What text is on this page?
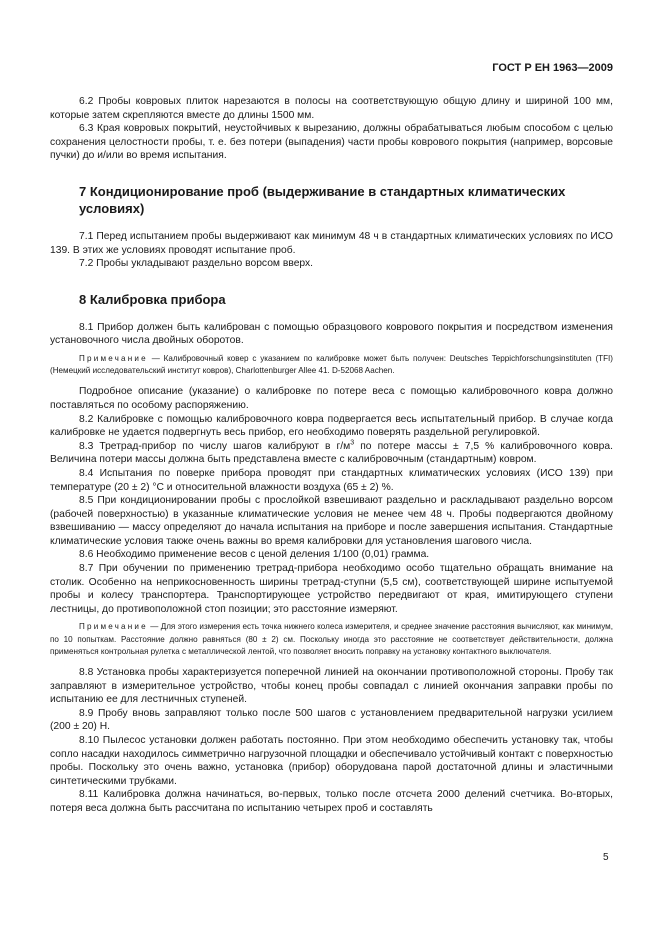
ГОСТ Р ЕН 1963—2009

6.2 Пробы ковровых плиток нарезаются в полосы на соответствующую общую длину и шириной 100 мм, которые затем скрепляются вместе до длины 1500 мм.

6.3 Края ковровых покрытий, неустойчивых к вырезанию, должны обрабатываться любым способом с целью сохранения целостности пробы, т. е. без потери (выпадения) части пробы коврового покрытия (например, ворсовые пучки) до и/или во время испытания.

7 Кондиционирование проб (выдерживание в стандартных климатических условиях)

7.1 Перед испытанием пробы выдерживают как минимум 48 ч в стандартных климатических условиях по ИСО 139. В этих же условиях проводят испытание проб.

7.2 Пробы укладывают раздельно ворсом вверх.

8 Калибровка прибора

8.1 Прибор должен быть калиброван с помощью образцового коврового покрытия и посредством изменения установочного числа двойных оборотов.

Примечание — Калибровочный ковер с указанием по калибровке может быть получен: Deutsches Teppichforschungsinstituten (TFI) (Немецкий исследовательский институт ковров), Charlottenburger Allee 41. D-52068 Aachen.

Подробное описание (указание) о калибровке по потере веса с помощью калибровочного ковра должно поставляться по особому распоряжению.

8.2 Калибровке с помощью калибровочного ковра подвергается весь испытательный прибор. В случае когда калибровке не удается подвергнуть весь прибор, его необходимо поверять раздельной регулировкой.

8.3 Третрад-прибор по числу шагов калибруют в $г/м^3$ по потере массы ± 7,5 % калибровочного ковра. Величина потери массы должна быть представлена вместе с калибровочным (стандартным) ковром.

8.4 Испытания по поверке прибора проводят при стандартных климатических условиях (ИСО 139) при температуре (20 ± 2) °С и относительной влажности воздуха (65 ± 2) %.

8.5 При кондиционировании пробы с прослойкой взвешивают раздельно и раскладывают раздельно ворсом (рабочей поверхностью) в указанные климатические условия не менее чем 48 ч. Пробы подвергаются двойному взвешиванию — массу определяют до начала испытания на приборе и после завершения испытания. Стандартные климатические условия также очень важны во время калибровки для установления шагового числа.

8.6 Необходимо применение весов с ценой деления 1/100 (0,01) грамма.

8.7 При обучении по применению третрад-прибора необходимо особо тщательно обращать внимание на столик. Особенно на неприкосновенность ширины третрад-ступни (5,5 см), соответствующей ширине испытуемой пробы и колесу транспортера. Транспортирующее устройство передвигают от края, имитирующего ступени лестницы, до противоположной стоп позиции; это расстояние измеряют.

Примечание — Для этого измерения есть точка нижнего колеса измерителя, и среднее значение расстояния вычисляют, как минимум, по 10 попыткам. Расстояние должно равняться (80 ± 2) см. Поскольку иногда это расстояние не соответствует действительности, должна применяться контрольная рулетка с металлической лентой, что позволяет вносить поправку на установку контактного выключателя.

8.8 Установка пробы характеризуется поперечной линией на окончании противоположной стороны. Пробу так заправляют в измерительное устройство, чтобы конец пробы совпадал с линией окончания заправки пробы по испытанию ее для лестничных ступеней.

8.9 Пробу вновь заправляют только после 500 шагов с установлением предварительной нагрузки усилием (200 ± 20) Н.

8.10 Пылесос установки должен работать постоянно. При этом необходимо обеспечить установку так, чтобы сопло насадки находилось симметрично нагрузочной площадки и обеспечивало устойчивый контакт с поверхностью пробы. Поскольку это очень важно, установка (прибор) оборудована парой достаточной длины и эластичными синтетическими трубками.

8.11 Калибровка должна начинаться, во-первых, только после отсчета 2000 делений счетчика. Во-вторых, потеря веса должна быть рассчитана по испытанию четырех проб и составлять

5
